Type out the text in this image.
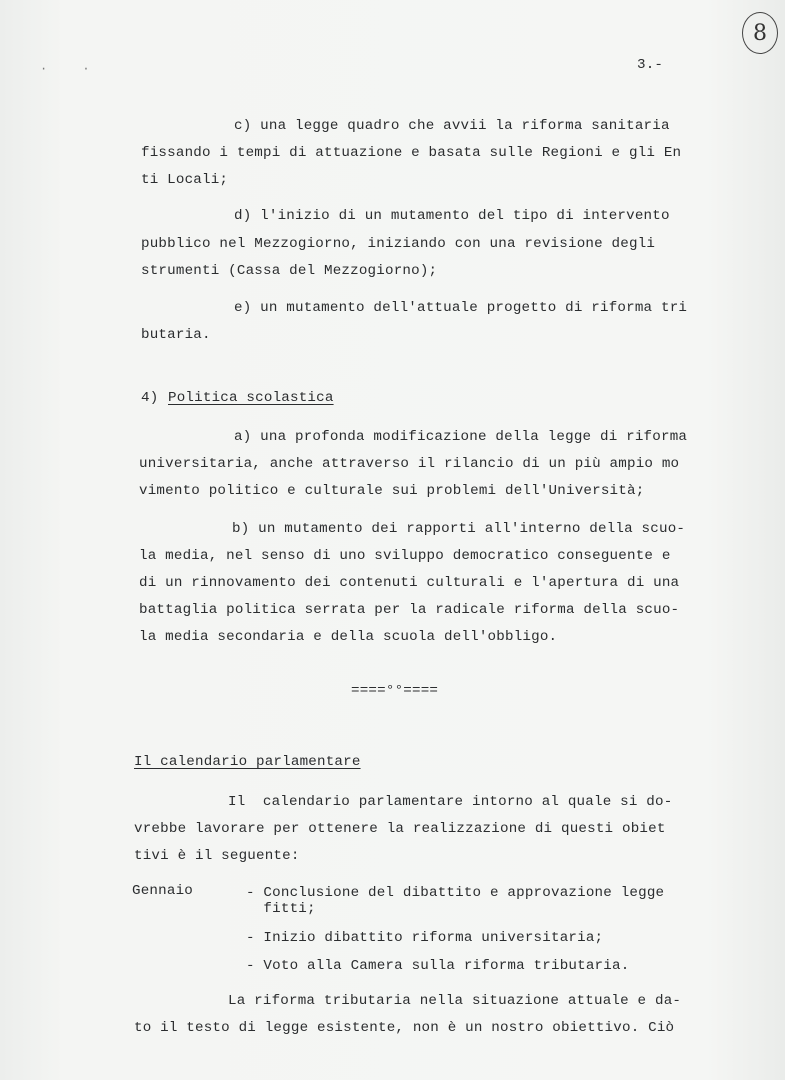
· ·
8
3.-
c) una legge quadro che avvii la riforma sanitaria
fissando i tempi di attuazione e basata sulle Regioni e gli En
ti Locali;
d) l'inizio di un mutamento del tipo di intervento
pubblico nel Mezzogiorno, iniziando con una revisione degli
strumenti (Cassa del Mezzogiorno);
e) un mutamento dell'attuale progetto di riforma tri
butaria.
4) Politica scolastica
a) una profonda modificazione della legge di riforma
universitaria, anche attraverso il rilancio di un più ampio mo
vimento politico e culturale sui problemi dell'Università;
b) un mutamento dei rapporti all'interno della scuo-
la media, nel senso di uno sviluppo democratico conseguente e
di un rinnovamento dei contenuti culturali e l'apertura di una
battaglia politica serrata per la radicale riforma della scuo-
la media secondaria e della scuola dell'obbligo.
====°°====
Il calendario parlamentare
Il  calendario parlamentare intorno al quale si do-
vrebbe lavorare per ottenere la realizzazione di questi obiet
tivi è il seguente:
Gennaio	- Conclusione del dibattito e approvazione legge
fitti;
- Inizio dibattito riforma universitaria;
- Voto alla Camera sulla riforma tributaria.
La riforma tributaria nella situazione attuale e da-
to il testo di legge esistente, non è un nostro obiettivo. Ciò
